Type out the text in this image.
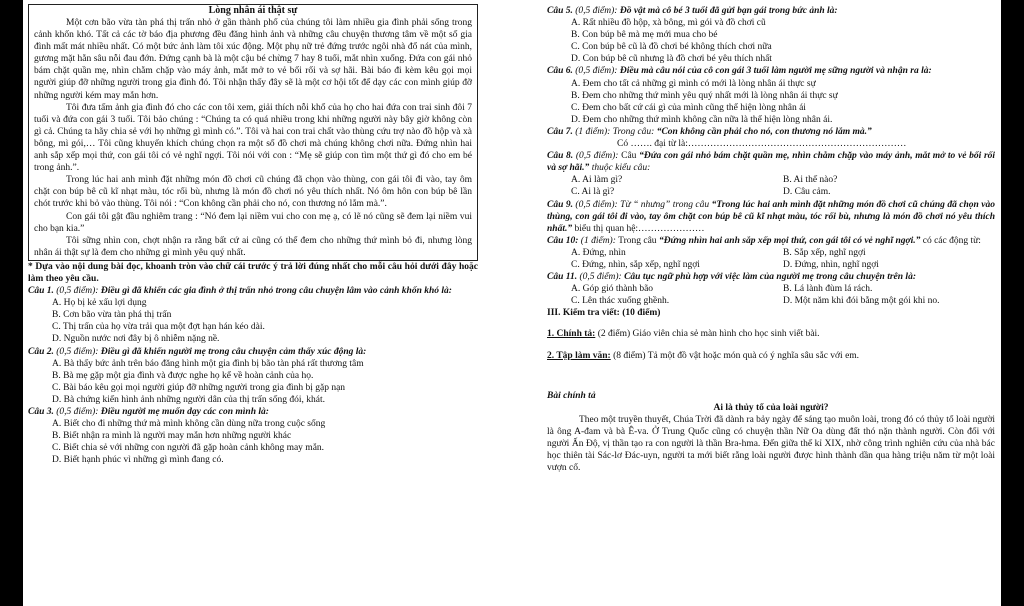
Lòng nhân ái thật sự

Một cơn bão vừa tàn phá thị trấn nhỏ ở gần thành phố của chúng tôi làm nhiều gia đình phải sống trong cảnh khốn khó. Tất cả các tờ báo địa phương đều đăng hình ảnh và những câu chuyện thương tâm về một số gia đình mất mát nhiều nhất. Có một bức ảnh làm tôi xúc động. Một phụ nữ trẻ đứng trước ngôi nhà đổ nát của mình, gương mặt hằn sâu nỗi đau đớn. Đứng cạnh bà là một cậu bé chừng 7 hay 8 tuổi, mắt nhìn xuống. Đứa con gái nhỏ bám chặt quần mẹ, nhìn chằm chặp vào máy ảnh, mắt mở to vẻ bối rối và sợ hãi. Bài báo đi kèm kêu gọi mọi người giúp đỡ những người trong gia đình đó. Tôi nhận thấy đây sẽ là một cơ hội tốt để dạy các con mình giúp đỡ những người kém may mắn hơn.

Tôi đưa tấm ảnh gia đình đó cho các con tôi xem, giải thích nỗi khổ của họ cho hai đứa con trai sinh đôi 7 tuổi và đứa con gái 3 tuổi. Tôi bảo chúng : “Chúng ta có quá nhiều trong khi những người này bây giờ không còn gì cả. Chúng ta hãy chia sẻ với họ những gì mình có.”. Tôi và hai con trai chất vào thùng cứu trợ nào đồ hộp và xà bông, mì gói,… Tôi cũng khuyến khích chúng chọn ra một số đồ chơi mà chúng không chơi nữa. Đứng nhìn hai anh sắp xếp mọi thứ, con gái tôi có vẻ nghĩ ngợi. Tôi nói với con : “Mẹ sẽ giúp con tìm một thứ gì đó cho em bé trong ảnh.”.

Trong lúc hai anh mình đặt những món đồ chơi cũ chúng đã chọn vào thùng, con gái tôi đi vào, tay ôm chặt con búp bê cũ kĩ nhạt màu, tóc rối bù, nhưng là món đồ chơi nó yêu thích nhất. Nó ôm hôn con búp bê lần chót trước khi bỏ vào thùng. Tôi nói : “Con không cần phải cho nó, con thương nó lắm mà.”.

Con gái tôi gật đầu nghiêm trang : “Nó đem lại niềm vui cho con mẹ ạ, có lẽ nó cũng sẽ đem lại niềm vui cho bạn kia.”

Tôi sững nhìn con, chợt nhận ra rằng bất cứ ai cũng có thể đem cho những thứ mình bỏ đi, nhưng lòng nhân ái thật sự là đem cho những gì mình yêu quý nhất.

* Dựa vào nội dung bài đọc, khoanh tròn vào chữ cái trước ý trả lời đúng nhất cho mỗi câu hỏi dưới đây hoặc làm theo yêu cầu.

Câu 1. (0,5 điểm): Điều gì đã khiến các gia đình ở thị trấn nhỏ trong câu chuyện lâm vào cảnh khốn khó là:

A. Họ bị kẻ xấu lợi dụng

B. Cơn bão vừa tàn phá thị trấn

C. Thị trấn của họ vừa trải qua một đợt hạn hán kéo dài.

D. Nguồn nước nơi đây bị ô nhiễm nặng nề.

Câu 2. (0,5 điểm): Điều gì đã khiến người mẹ trong câu chuyện cảm thấy xúc động là:

A. Bà thấy bức ảnh trên báo đăng hình một gia đình bị bão tàn phá rất thương tâm

B. Bà mẹ gặp một gia đình và được nghe họ kể về hoàn cảnh của họ.

C. Bài báo kêu gọi mọi người giúp đỡ những người trong gia đình bị gặp nạn

D. Bà chứng kiến hình ảnh những người dân của thị trấn sống đói, khát.

Câu 3. (0,5 điểm): Điều người mẹ muốn dạy các con mình là:

A. Biết cho đi những thứ mà mình không cần dùng nữa trong cuộc sống

B. Biết nhận ra mình là người may mắn hơn những người khác

C. Biết chia sẻ với những con người đã gặp hoàn cảnh không may mắn.

D. Biết hạnh phúc vì những gì mình đang có.

Câu 5. (0,5 điểm): Đồ vật mà cô bé 3 tuổi đã gửi bạn gái trong bức ảnh là:

A. Rất nhiều đồ hộp, xà bông, mì gói và đồ chơi cũ

B. Con búp bê mà mẹ mới mua cho bé

C. Con búp bê cũ là đồ chơi bé không thích chơi nữa

D. Con búp bê cũ nhưng là đồ chơi bé yêu thích nhất

Câu 6. (0,5 điểm): Điều mà câu nói của cô con gái 3 tuổi làm người mẹ sững người và nhận ra là:

A. Đem cho tất cả những gì mình có mới là lòng nhân ái thực sự

B. Đem cho những thứ mình yêu quý nhất mới là lòng nhân ái thực sự

C. Đem cho bất cứ cái gì của mình cũng thể hiện lòng nhân ái

D. Đem cho những thứ mình không cần nữa là thể hiện lòng nhân ái.

Câu 7. (1 điểm): Trong câu: “Con không cần phải cho nó, con thương nó lắm mà.”

Có ……. đại từ là:……………………………………………………………

Câu 8. (0,5 điểm): Câu “Đứa con gái nhỏ bám chặt quần mẹ, nhìn chằm chặp vào máy ảnh, mắt mở to vẻ bối rối và sợ hãi.” thuộc kiểu câu:

A. Ai làm gì?	B. Ai thế nào?
C. Ai là gì?	D. Câu cảm.

Câu 9. (0,5 điểm): Từ “ nhưng” trong câu “Trong lúc hai anh mình đặt những món đồ chơi cũ chúng đã chọn vào thùng, con gái tôi đi vào, tay ôm chặt con búp bê cũ kĩ nhạt màu, tóc rối bù, nhưng là món đồ chơi nó yêu thích nhất.” biểu thị quan hệ:…………………

Câu 10: (1 điểm): Trong câu “Đứng nhìn hai anh sắp xếp mọi thứ, con gái tôi có vẻ nghĩ ngợi.” có các động từ:

A. Đứng, nhìn	B. Sắp xếp, nghĩ ngợi
C. Đứng, nhìn, sắp xếp, nghĩ ngợi	D. Đứng, nhìn, nghĩ ngợi

Câu 11. (0,5 điểm): Câu tục ngữ phù hợp với việc làm của người mẹ trong câu chuyện trên là:

A. Góp gió thành bão	B. Lá lành đùm lá rách.
C. Lên thác xuống ghềnh.	D. Một năm khi đói bằng một gói khi no.

III. Kiểm tra viết: (10 điểm)

1. Chính tả: (2 điểm) Giáo viên chia sẻ màn hình cho học sinh viết bài.

2. Tập làm văn: (8 điểm) Tả một đồ vật hoặc món quà có ý nghĩa sâu sắc với em.

Bài chính tả

Ai là thủy tổ của loài người?

Theo một truyền thuyết, Chúa Trời đã dành ra bảy ngày để sáng tạo muôn loài, trong đó có thủy tổ loài người là ông A-đam và bà Ê-va. Ở Trung Quốc cũng có chuyện thần Nữ Oa dùng đất thó nặn thành người. Còn đối với người Ấn Độ, vị thần tạo ra con người là thần Bra-hma. Đến giữa thế kỉ XIX, nhờ công trình nghiên cứu của nhà bác học thiên tài Sác-lơ Đác-uyn, người ta mới biết rằng loài người được hình thành dần qua hàng triệu năm từ một loài vượn cổ.
